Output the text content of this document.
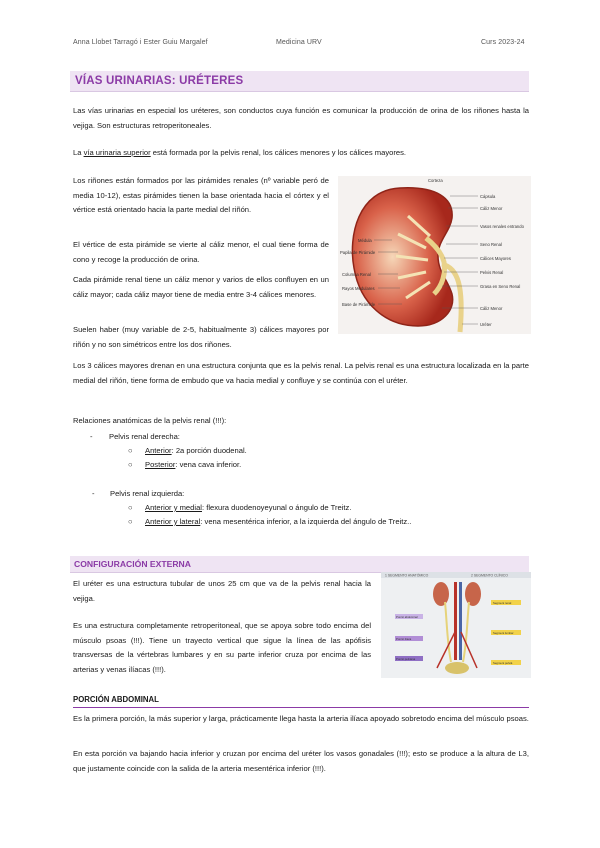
Anna Llobet Tarragó i Ester Guiu Margalef	Medicina URV	Curs 2023-24
VÍAS URINARIAS: URÉTERES
Las vías urinarias en especial los uréteres, son conductos cuya función es comunicar la producción de orina de los riñones hasta la vejiga. Son estructuras retroperitoneales.
La vía urinaria superior está formada por la pelvis renal, los cálices menores y los cálices mayores.
Los riñones están formados por las pirámides renales (nº variable peró de media 10-12), estas pirámides tienen la base orientada hacia el córtex y el vértice está orientado hacia la parte medial del riñón.
El vértice de esta pirámide se vierte al cáliz menor, el cual tiene forma de cono y recoge la producción de orina.
Cada pirámide renal tiene un cáliz menor y varios de ellos confluyen en un cáliz mayor; cada cáliz mayor tiene de media entre 3-4 cálices menores.
Suelen haber (muy variable de 2-5, habitualmente 3) cálices mayores por riñón y no son simétricos entre los dos riñones.
Corteza
Cápsula
Cáliz Menor
Vasos renales entrando
Seno Renal
Cálices Mayores
Pelvis Renal
Grasa en Seno Renal
Cáliz Menor
Uréter
Médula
Papila de Pirámide
Columna Renal
Rayos Medulares
Base de Pirámide
Los 3 cálices mayores drenan en una estructura conjunta que es la pelvis renal. La pelvis renal es una estructura localizada en la parte medial del riñón, tiene forma de embudo que va hacia medial y confluye y se continúa con el uréter.
Relaciones anatómicas de la pelvis renal (!!!):
- Pelvis renal derecha:
○ Anterior: 2a porción duodenal.
○ Posterior: vena cava inferior.
- Pelvis renal izquierda:
○ Anterior y medial: flexura duodenoyeyunal o ángulo de Treitz.
○ Anterior y lateral: vena mesentérica inferior, a la izquierda del ángulo de Treitz..
CONFIGURACIÓN EXTERNA
El uréter es una estructura tubular de unos 25 cm que va de la pelvis renal hacia la vejiga.
Es una estructura completamente retroperitoneal, que se apoya sobre todo encima del músculo psoas (!!!). Tiene un trayecto vertical que sigue la línea de las apófisis transversas de la vértebras lumbares y en su parte inferior cruza por encima de las arterias y venas ilíacas (!!!).
1 SEGMENTO ANATÓMICO	2 SEGMENTO CLÍNICO
Porció abdominal
Porció ilíaca
Porció pelviana
Segment renal
Segment lumbar
Segment pelvià
PORCIÓN ABDOMINAL
Es la primera porción, la más superior y larga, prácticamente llega hasta la arteria ilíaca apoyado sobretodo encima del músculo psoas.
En esta porción va bajando hacia inferior y cruzan por encima del uréter los vasos gonadales (!!!); esto se produce a la altura de L3, que justamente coincide con la salida de la arteria mesentérica inferior (!!!).
